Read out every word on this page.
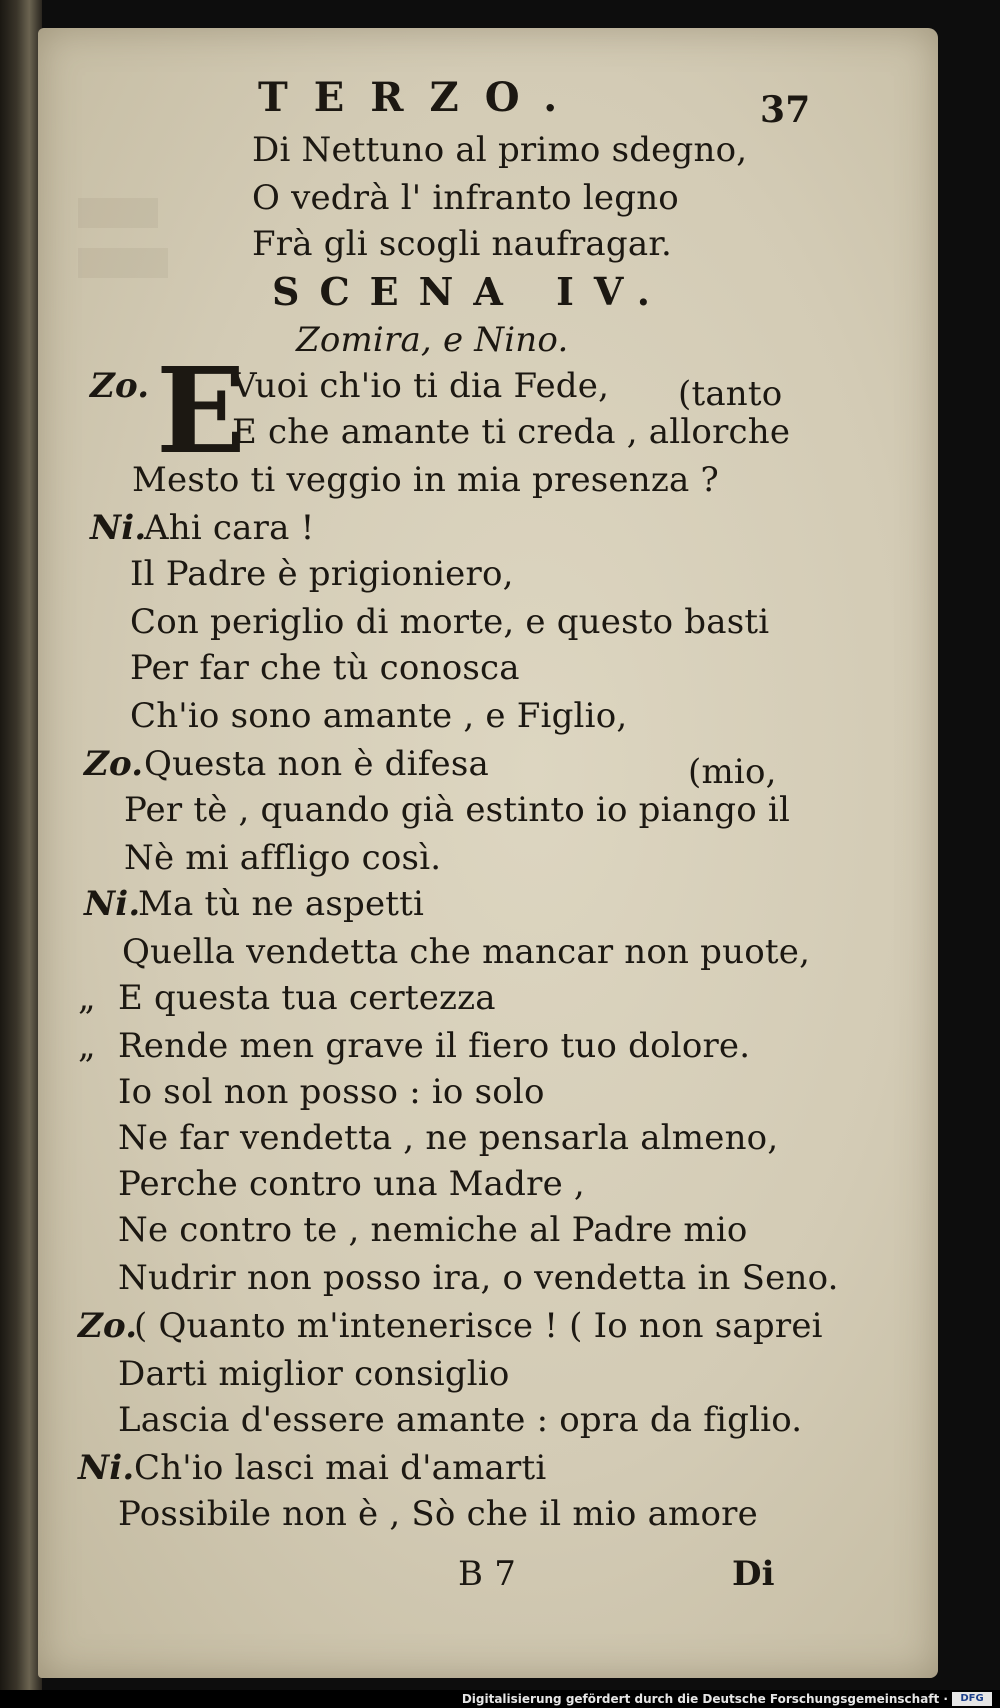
TERZO.	37
Di Nettuno al primo sdegno,
O vedrà l' infranto legno
Frà gli scogli naufragar.
SCENA IV.
Zomira, e Nino.
Zo. E
Vuoi ch'io ti dia Fede, (tanto
E che amante ti creda , allorche
Mesto ti veggio in mia presenza ?
Ni.
Ahi cara !
Il Padre è prigioniero,
Con periglio di morte, e questo basti
Per far che tù conosca
Ch'io sono amante , e Figlio,
Zo. Questa non è difesa	(mio,
Per tè , quando già estinto io piango il
Nè mi affligo così.
Ni.
Ma tù ne aspetti
Quella vendetta che mancar non puote,
„ E questa tua certezza
„ Rende men grave il fiero tuo dolore.
Io sol non posso : io solo
Ne far vendetta , ne pensarla almeno,
Perche contro una Madre ,
Ne contro te , nemiche al Padre mio
Nudrir non posso ira, o vendetta in Seno.
Zo.
( Quanto m'intenerisce ! ( Io non saprei
Darti miglior consiglio
Lascia d'essere amante : opra da figlio.
Ni. Ch'io lasci mai d'amarti
Possibile non è , Sò che il mio amore
B 7	Di
Digitalisierung gefördert durch die Deutsche Forschungsgemeinschaft ·	DFG
